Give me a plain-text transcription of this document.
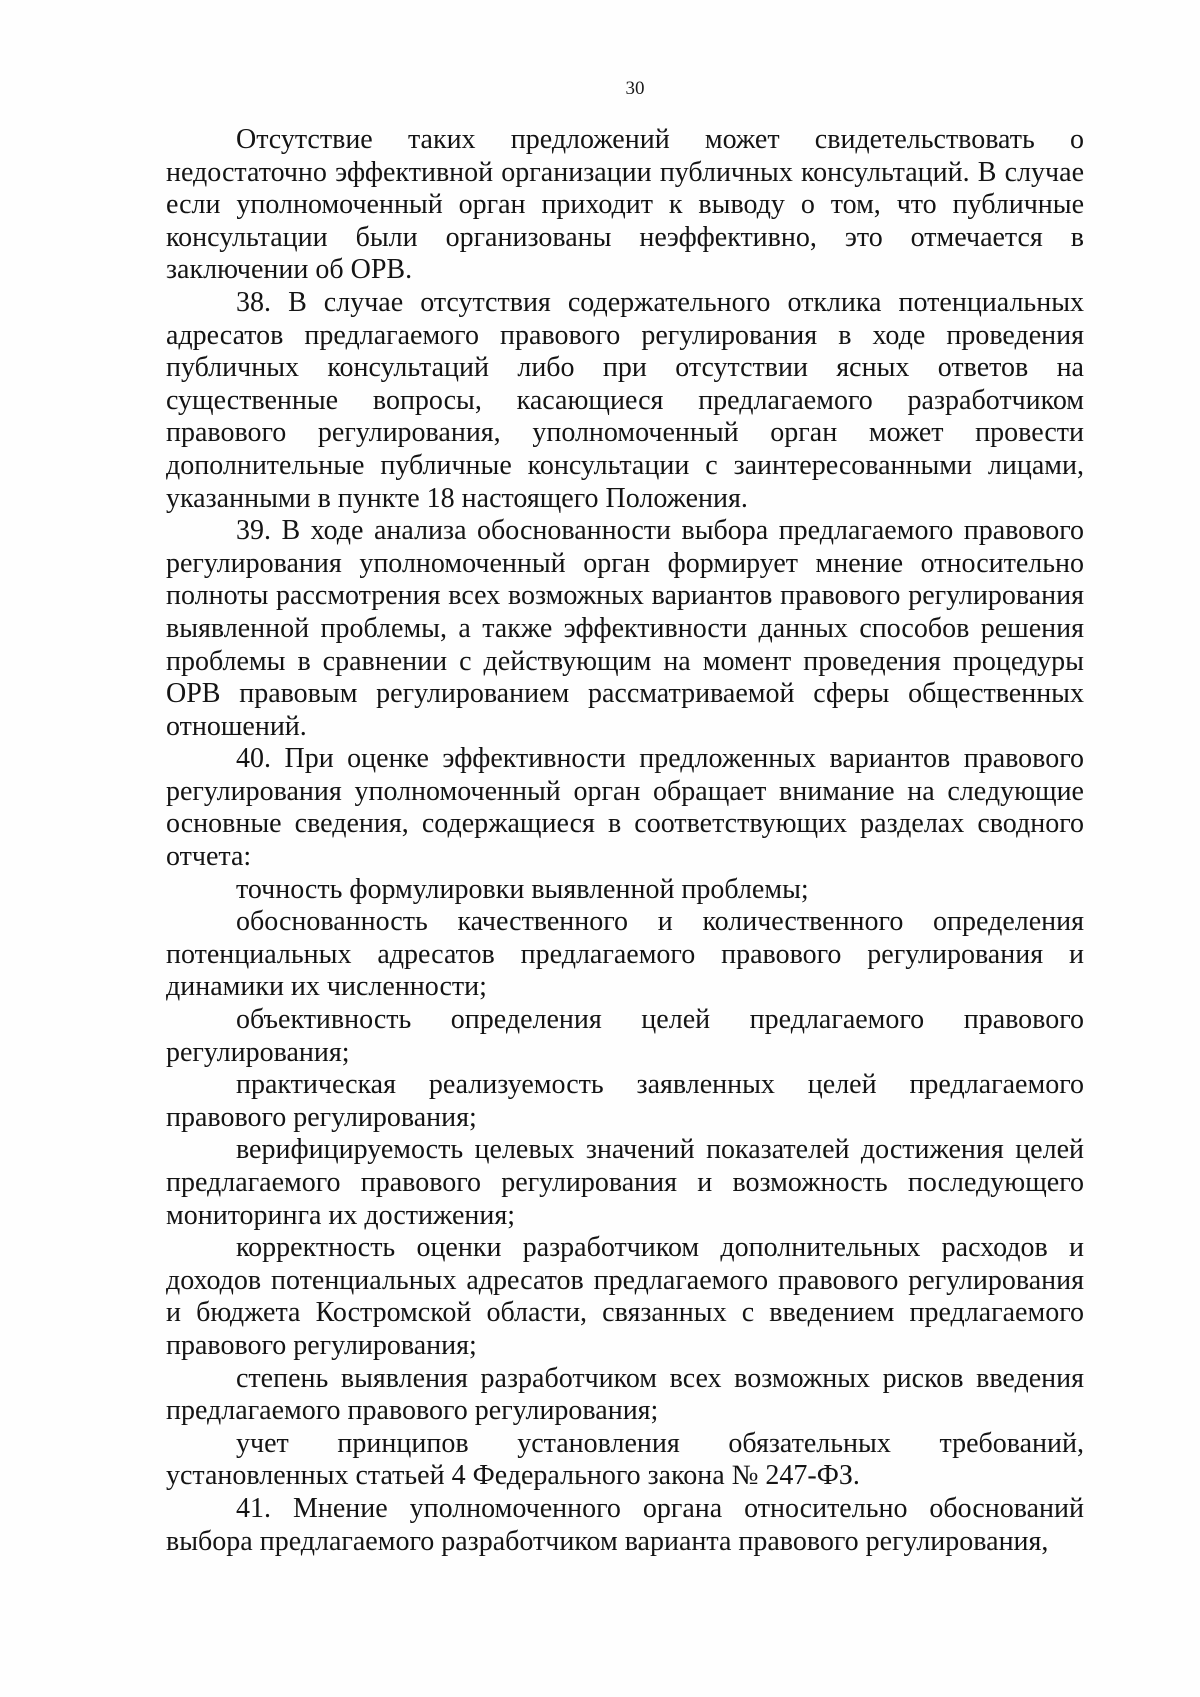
30

Отсутствие таких предложений может свидетельствовать о недостаточно эффективной организации публичных консультаций. В случае если уполномоченный орган приходит к выводу о том, что публичные консультации были организованы неэффективно, это отмечается в заключении об ОРВ.

38. В случае отсутствия содержательного отклика потенциальных адресатов предлагаемого правового регулирования в ходе проведения публичных консультаций либо при отсутствии ясных ответов на существенные вопросы, касающиеся предлагаемого разработчиком правового регулирования, уполномоченный орган может провести дополнительные публичные консультации с заинтересованными лицами, указанными в пункте 18 настоящего Положения.

39. В ходе анализа обоснованности выбора предлагаемого правового регулирования уполномоченный орган формирует мнение относительно полноты рассмотрения всех возможных вариантов правового регулирования выявленной проблемы, а также эффективности данных способов решения проблемы в сравнении с действующим на момент проведения процедуры ОРВ правовым регулированием рассматриваемой сферы общественных отношений.

40. При оценке эффективности предложенных вариантов правового регулирования уполномоченный орган обращает внимание на следующие основные сведения, содержащиеся в соответствующих разделах сводного отчета:

точность формулировки выявленной проблемы;

обоснованность качественного и количественного определения потенциальных адресатов предлагаемого правового регулирования и динамики их численности;

объективность определения целей предлагаемого правового регулирования;

практическая реализуемость заявленных целей предлагаемого правового регулирования;

верифицируемость целевых значений показателей достижения целей предлагаемого правового регулирования и возможность последующего мониторинга их достижения;

корректность оценки разработчиком дополнительных расходов и доходов потенциальных адресатов предлагаемого правового регулирования и бюджета Костромской области, связанных с введением предлагаемого правового регулирования;

степень выявления разработчиком всех возможных рисков введения предлагаемого правового регулирования;

учет принципов установления обязательных требований, установленных статьей 4 Федерального закона № 247-ФЗ.

41. Мнение уполномоченного органа относительно обоснований выбора предлагаемого разработчиком варианта правового регулирования,
